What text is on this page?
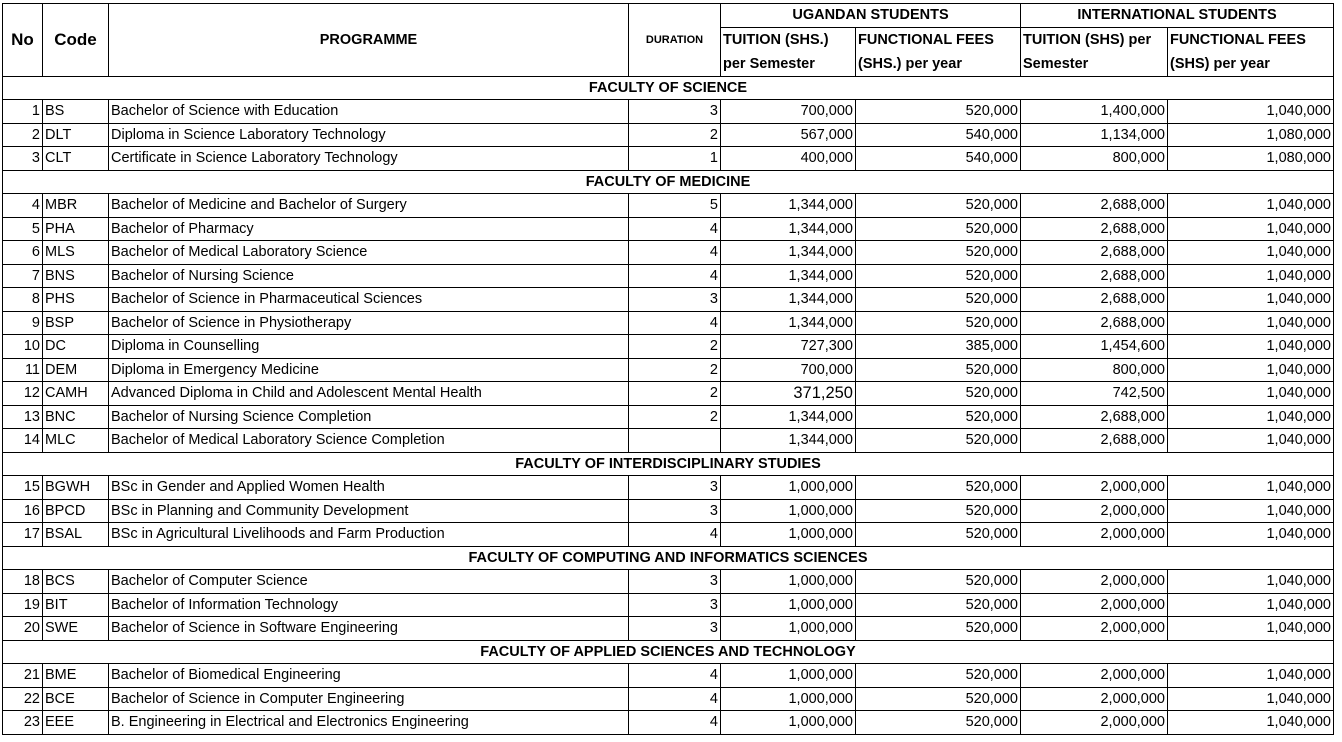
No	Code	PROGRAMME	DURATION	UGANDAN STUDENTS		INTERNATIONAL STUDENTS	
				TUITION (SHS.)	FUNCTIONAL FEES	TUITION (SHS) per	FUNCTIONAL FEES
				per Semester	(SHS.) per year	Semester	(SHS) per year
FACULTY OF SCIENCE							
1	BS	Bachelor of Science with Education	3	700,000	520,000	1,400,000	1,040,000
2	DLT	Diploma in Science Laboratory Technology	2	567,000	540,000	1,134,000	1,080,000
3	CLT	Certificate in Science Laboratory Technology	1	400,000	540,000	800,000	1,080,000
FACULTY OF MEDICINE							
4	MBR	Bachelor of Medicine and Bachelor of Surgery	5	1,344,000	520,000	2,688,000	1,040,000
5	PHA	Bachelor of Pharmacy	4	1,344,000	520,000	2,688,000	1,040,000
6	MLS	Bachelor of Medical Laboratory Science	4	1,344,000	520,000	2,688,000	1,040,000
7	BNS	Bachelor of Nursing Science	4	1,344,000	520,000	2,688,000	1,040,000
8	PHS	Bachelor of Science in Pharmaceutical Sciences	3	1,344,000	520,000	2,688,000	1,040,000
9	BSP	Bachelor of Science in Physiotherapy	4	1,344,000	520,000	2,688,000	1,040,000
10	DC	Diploma in Counselling	2	727,300	385,000	1,454,600	1,040,000
11	DEM	Diploma in Emergency Medicine	2	700,000	520,000	800,000	1,040,000
12	CAMH	Advanced Diploma in Child and Adolescent Mental Health	2	371,250	520,000	742,500	1,040,000
13	BNC	Bachelor of Nursing Science Completion	2	1,344,000	520,000	2,688,000	1,040,000
14	MLC	Bachelor of Medical Laboratory Science Completion		1,344,000	520,000	2,688,000	1,040,000
FACULTY OF INTERDISCIPLINARY STUDIES							
15	BGWH	BSc in Gender and Applied Women Health	3	1,000,000	520,000	2,000,000	1,040,000
16	BPCD	BSc in Planning and Community Development	3	1,000,000	520,000	2,000,000	1,040,000
17	BSAL	BSc in Agricultural Livelihoods and Farm Production	4	1,000,000	520,000	2,000,000	1,040,000
FACULTY OF COMPUTING AND INFORMATICS SCIENCES							
18	BCS	Bachelor of Computer Science	3	1,000,000	520,000	2,000,000	1,040,000
19	BIT	Bachelor of Information Technology	3	1,000,000	520,000	2,000,000	1,040,000
20	SWE	Bachelor of Science in Software Engineering	3	1,000,000	520,000	2,000,000	1,040,000
FACULTY OF APPLIED SCIENCES AND TECHNOLOGY							
21	BME	Bachelor of Biomedical Engineering	4	1,000,000	520,000	2,000,000	1,040,000
22	BCE	Bachelor of Science in Computer Engineering	4	1,000,000	520,000	2,000,000	1,040,000
23	EEE	B. Engineering in Electrical and Electronics Engineering	4	1,000,000	520,000	2,000,000	1,040,000
